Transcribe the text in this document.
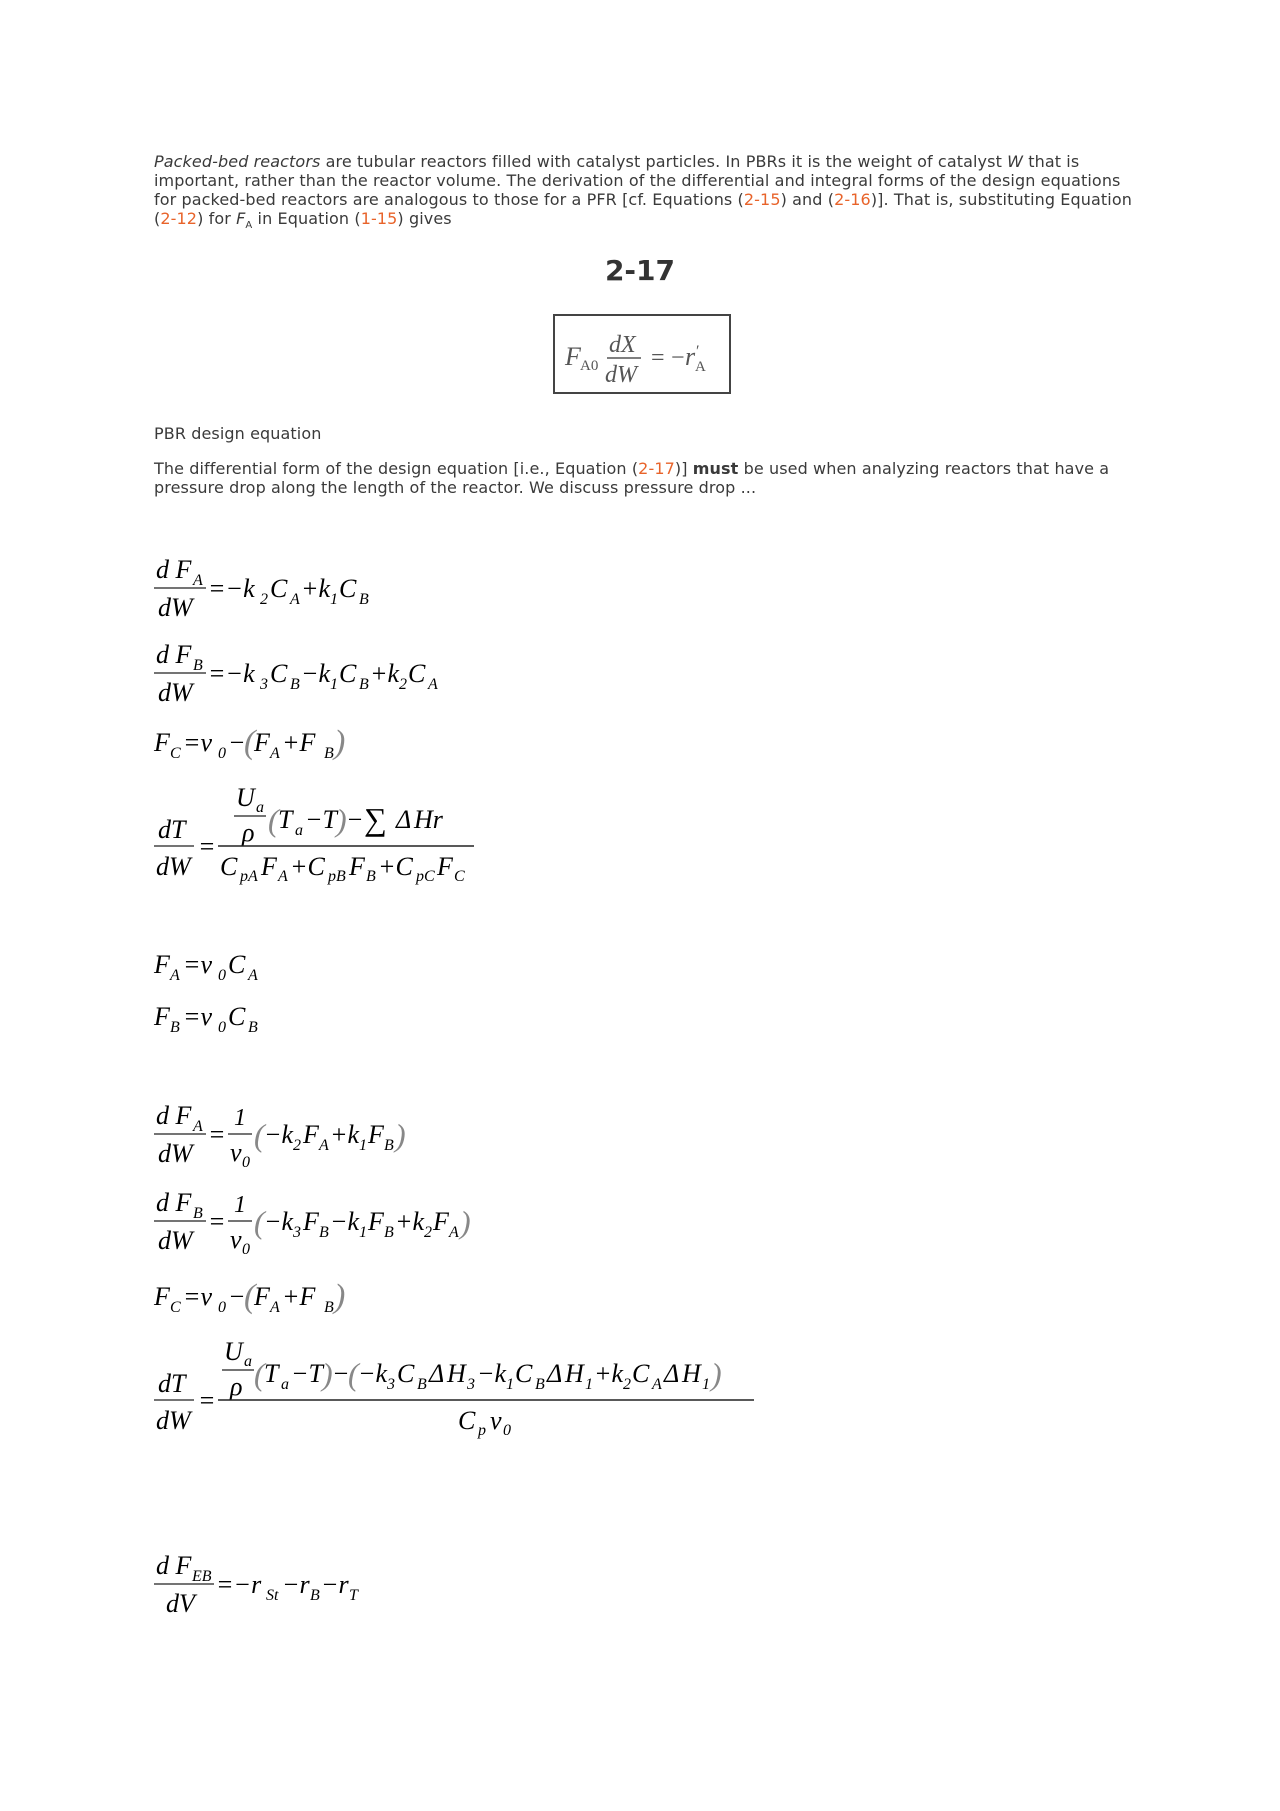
Packed-bed reactors are tubular reactors filled with catalyst particles. In PBRs it is the weight of catalyst W that is important, rather than the reactor volume. The derivation of the differential and integral forms of the design equations for packed-bed reactors are analogous to those for a PFR [cf. Equations (2-15) and (2-16)]. That is, substituting Equation (2-12) for $F_A$ in Equation (1-15) gives
2-17
F A0
dX
dW
= − r ′
A
PBR design equation
The differential form of the design equation [i.e., Equation (2-17)] must be used when analyzing reactors that have a pressure drop along the length of the reactor. We discuss pressure drop ...
d F A
dW
=−k 2 C A +k 1 C B
d F B
dW
=−k 3 C B −k 1 C B +k 2 C A
F C =v 0 −
(
F A +F B )
dT
dW
=
U a
ρ ( T a −T
) − ∑ Δ Hr
C pA F A +C pB F B +C pC F C
F A =v 0 C A
F B =v 0 C B
d F A
dW
=
1
v 0
( −k 2 F A +k 1 F B )
d F B
dW
=
1
v 0
( −k 3 F B −k 1 F B +k 2 F A )
F C =v 0 −
(
F A +F B )
dT
dW
=
U a
ρ ( T a −T
) −
( −k 3 C B Δ H 3 −k 1 C B Δ H 1 +k 2 C A Δ H 1 )
C p v 0
d F EB
dV
=−r St −r B −r T
